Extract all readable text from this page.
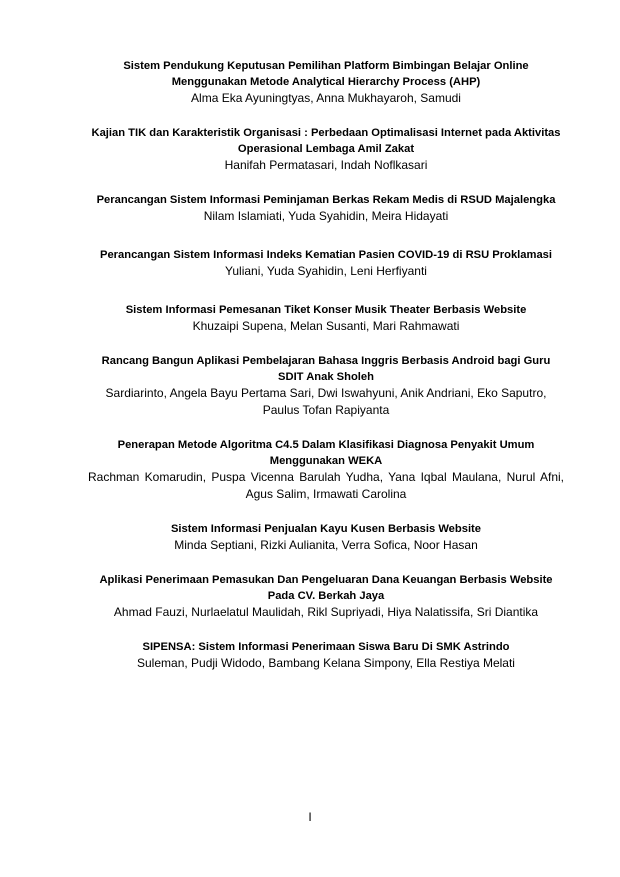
Sistem Pendukung Keputusan Pemilihan Platform Bimbingan Belajar Online Menggunakan Metode Analytical Hierarchy Process (AHP)
Alma Eka Ayuningtyas, Anna Mukhayaroh, Samudi
Kajian TIK dan Karakteristik Organisasi : Perbedaan Optimalisasi Internet pada Aktivitas Operasional Lembaga Amil Zakat
Hanifah Permatasari, Indah Noflkasari
Perancangan Sistem Informasi Peminjaman Berkas Rekam Medis di RSUD Majalengka
Nilam Islamiati, Yuda Syahidin, Meira Hidayati
Perancangan Sistem Informasi Indeks Kematian Pasien COVID-19 di RSU Proklamasi
Yuliani, Yuda Syahidin, Leni Herfiyanti
Sistem Informasi Pemesanan Tiket Konser Musik Theater Berbasis Website
Khuzaipi Supena, Melan Susanti, Mari Rahmawati
Rancang Bangun Aplikasi Pembelajaran Bahasa Inggris Berbasis Android bagi Guru SDIT Anak Sholeh
Sardiarinto, Angela Bayu Pertama Sari, Dwi Iswahyuni, Anik Andriani, Eko Saputro, Paulus Tofan Rapiyanta
Penerapan Metode Algoritma C4.5 Dalam Klasifikasi Diagnosa Penyakit Umum Menggunakan WEKA
Rachman Komarudin, Puspa Vicenna Barulah Yudha, Yana Iqbal Maulana, Nurul Afni, Agus Salim, Irmawati Carolina
Sistem Informasi Penjualan Kayu Kusen Berbasis Website
Minda Septiani, Rizki Aulianita, Verra Sofica, Noor Hasan
Aplikasi Penerimaan Pemasukan Dan Pengeluaran Dana Keuangan Berbasis Website Pada CV. Berkah Jaya
Ahmad Fauzi, Nurlaelatul Maulidah, Rikl Supriyadi, Hiya Nalatissifa, Sri Diantika
SIPENSA: Sistem Informasi Penerimaan Siswa Baru Di SMK Astrindo
Suleman, Pudji Widodo, Bambang Kelana Simpony, Ella Restiya Melati
I
